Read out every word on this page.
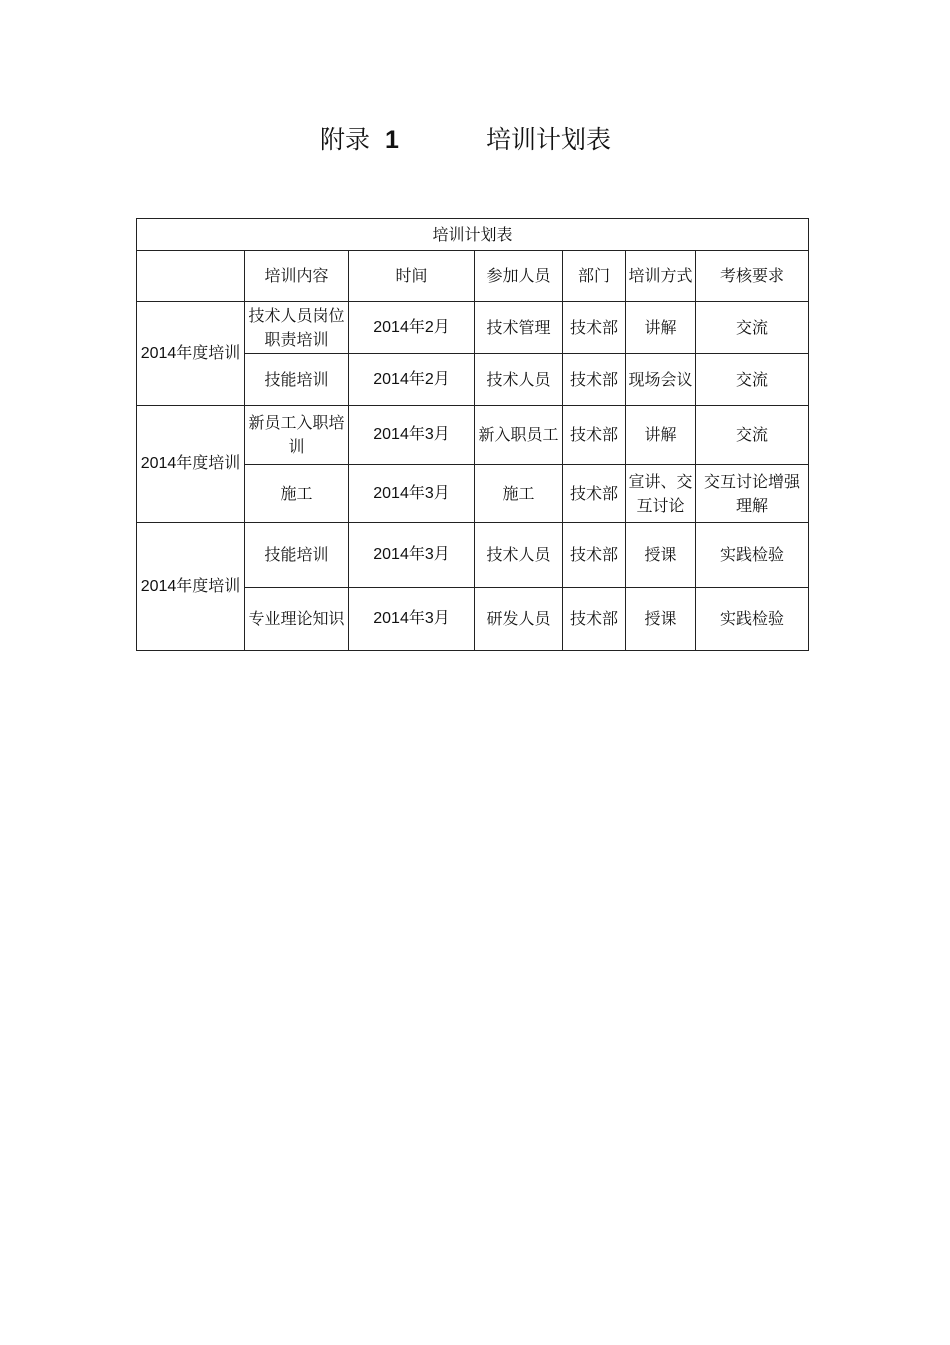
附录 1	培训计划表
培训计划表						
	培训内容	时间	参加人员	部门	培训方式	考核要求
2014年度培训	技术人员岗位职责培训	2014年2月	技术管理	技术部	讲解	交流
	技能培训	2014年2月	技术人员	技术部	现场会议	交流
2014年度培训	新员工入职培训	2014年3月	新入职员工	技术部	讲解	交流
	施工	2014年3月	施工	技术部	宣讲、交互讨论	交互讨论增强理解
2014年度培训	技能培训	2014年3月	技术人员	技术部	授课	实践检验
	专业理论知识	2014年3月	研发人员	技术部	授课	实践检验
